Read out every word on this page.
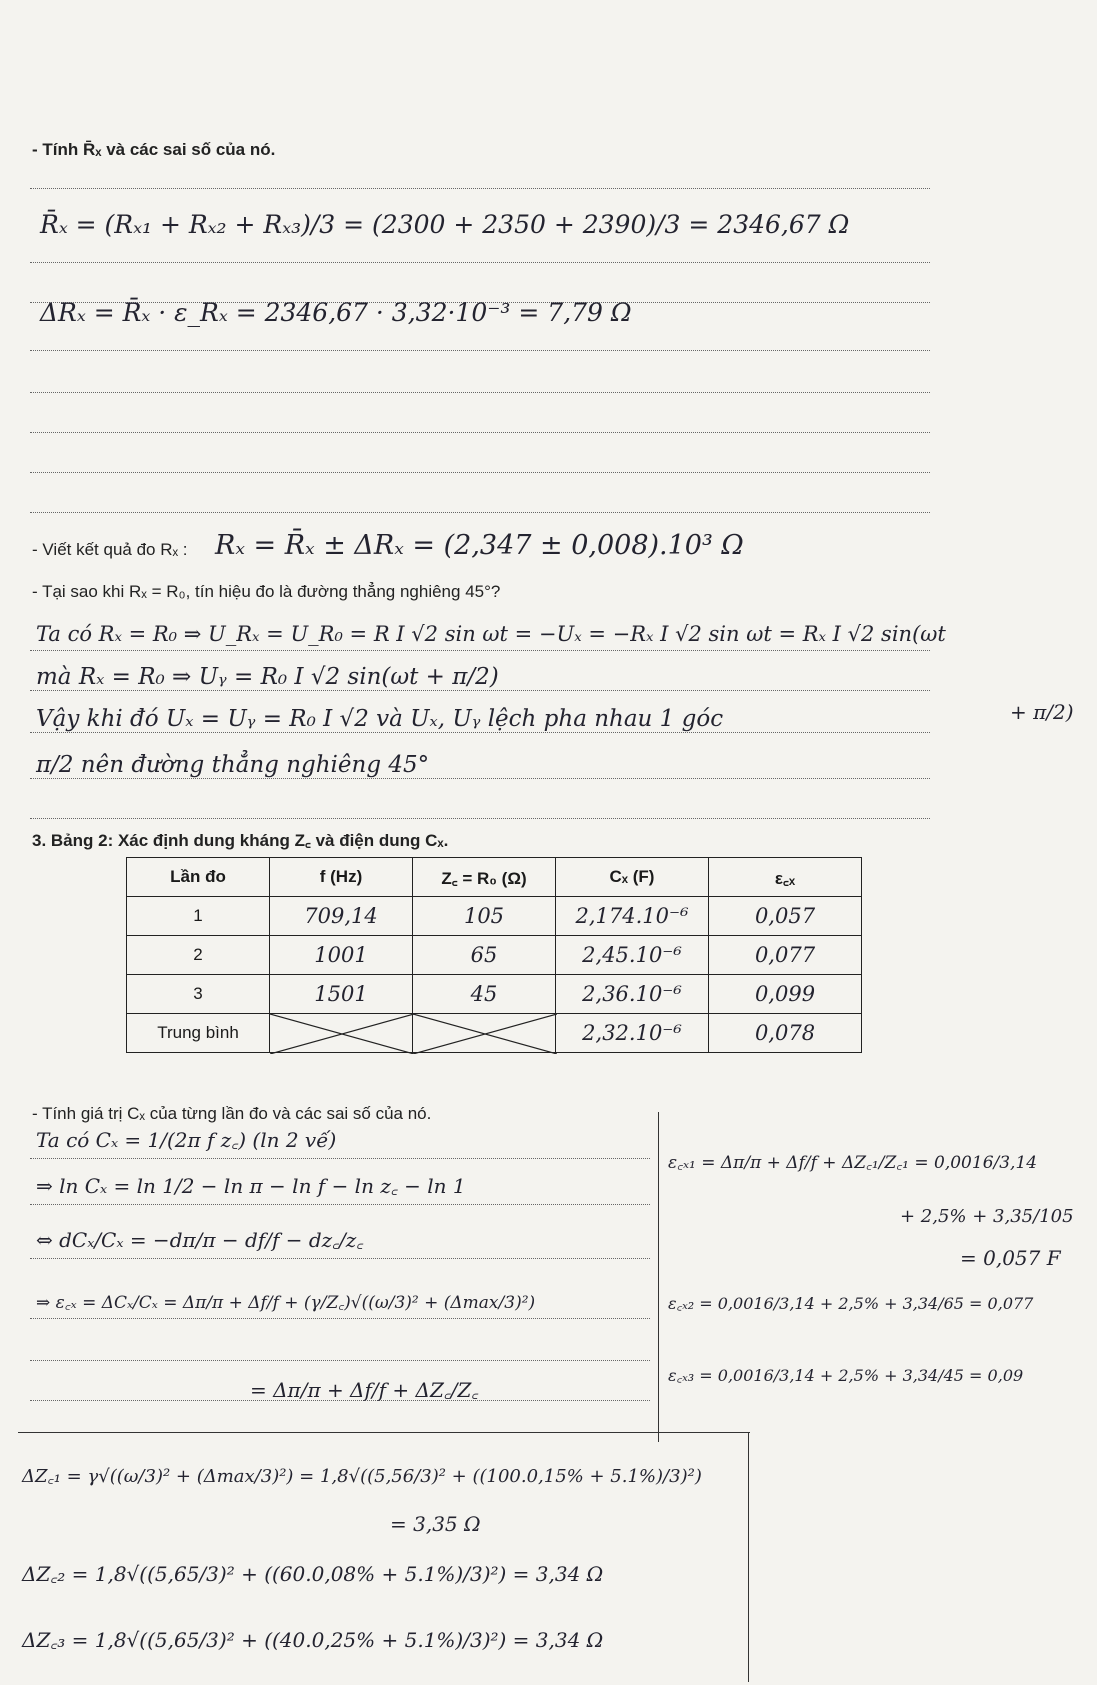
- Tính R̄ₓ và các sai số của nó.
R̄ₓ = (Rₓ₁ + Rₓ₂ + Rₓ₃)/3 = (2300 + 2350 + 2390)/3 = 2346,67 Ω
ΔRₓ = R̄ₓ · ε_Rₓ = 2346,67 · 3,32·10⁻³ = 7,79 Ω
- Viết kết quả đo Rₓ : Rₓ = R̄ₓ ± ΔRₓ = (2,347 ± 0,008).10³ Ω
- Tại sao khi Rₓ = R₀, tín hiệu đo là đường thẳng nghiêng 45°?
Ta có Rₓ = R₀ ⇒ U_Rₓ = U_R₀ = R I √2 sin ωt = −Uₓ = −Rₓ I √2 sin ωt = Rₓ I √2 sin(ωt
mà Rₓ = R₀ ⇒ Uᵧ = R₀ I √2 sin(ωt + π/2)
+ π/2)
Vậy khi đó Uₓ = Uᵧ = R₀ I √2 và Uₓ, Uᵧ lệch pha nhau 1 góc
π/2 nên đường thẳng nghiêng 45°
3. Bảng 2: Xác định dung kháng Z꜀ và điện dung Cₓ.
Lần đo	f (Hz)	Z꜀ = R₀ (Ω)	Cₓ (F)	ε꜀ₓ
1	709,14	105	2,174.10⁻⁶	0,057
2	1001	65	2,45.10⁻⁶	0,077
3	1501	45	2,36.10⁻⁶	0,099
Trung bình			2,32.10⁻⁶	0,078
- Tính giá trị Cₓ của từng lần đo và các sai số của nó.
Ta có Cₓ = 1/(2π f z꜀) (ln 2 vế)
⇒ ln Cₓ = ln 1/2 − ln π − ln f − ln z꜀ − ln 1
⇔ dCₓ/Cₓ = −dπ/π − df/f − dz꜀/z꜀
⇒ ε꜀ₓ = ΔCₓ/Cₓ = Δπ/π + Δf/f + (γ/Z꜀)√((ω/3)² + (Δmax/3)²)
= Δπ/π + Δf/f + ΔZ꜀/Z꜀
ε꜀ₓ₁ = Δπ/π + Δf/f + ΔZ꜀₁/Z꜀₁ = 0,0016/3,14
+ 2,5% + 3,35/105
= 0,057 F
ε꜀ₓ₂ = 0,0016/3,14 + 2,5% + 3,34/65 = 0,077
ε꜀ₓ₃ = 0,0016/3,14 + 2,5% + 3,34/45 = 0,09
ΔZ꜀₁ = γ√((ω/3)² + (Δmax/3)²) = 1,8√((5,56/3)² + ((100.0,15% + 5.1%)/3)²)
= 3,35 Ω
ΔZ꜀₂ = 1,8√((5,65/3)² + ((60.0,08% + 5.1%)/3)²) = 3,34 Ω
ΔZ꜀₃ = 1,8√((5,65/3)² + ((40.0,25% + 5.1%)/3)²) = 3,34 Ω
